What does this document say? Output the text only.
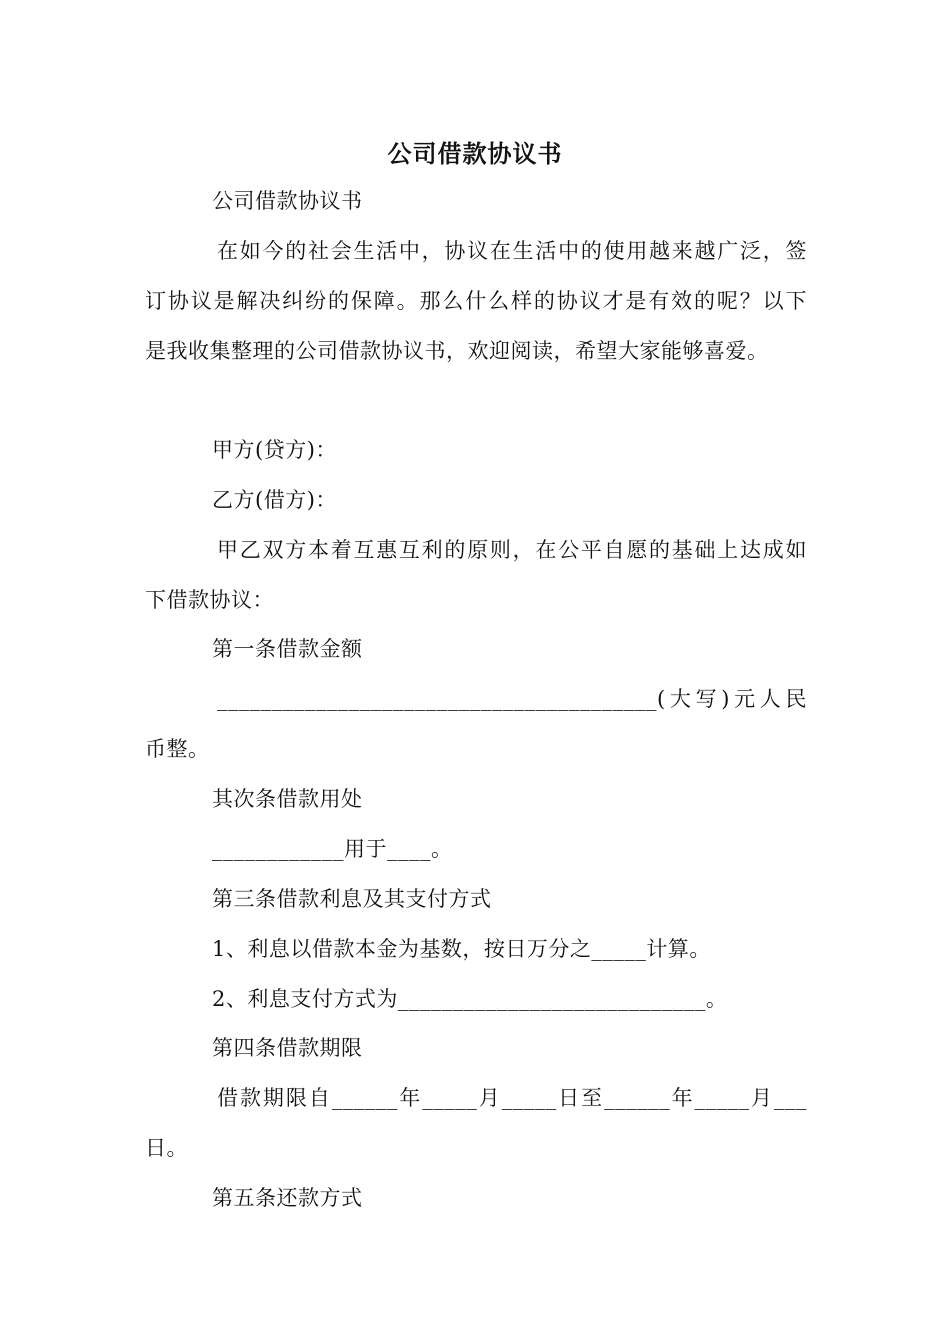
公司借款协议书
公司借款协议书
在如今的社会生活中，协议在生活中的使用越来越广泛，签
订协议是解决纠纷的保障。那么什么样的协议才是有效的呢？以下
是我收集整理的公司借款协议书，欢迎阅读，希望大家能够喜爱。
甲方(贷方)：
乙方(借方)：
甲乙双方本着互惠互利的原则，在公平自愿的基础上达成如
下借款协议：
第一条借款金额
________________________________________(大写)元人民
币整。
其次条借款用处
____________用于____。
第三条借款利息及其支付方式
1、利息以借款本金为基数，按日万分之_____计算。
2、利息支付方式为____________________________。
第四条借款期限
借款期限自______年_____月_____日至______年_____月___
日。
第五条还款方式
